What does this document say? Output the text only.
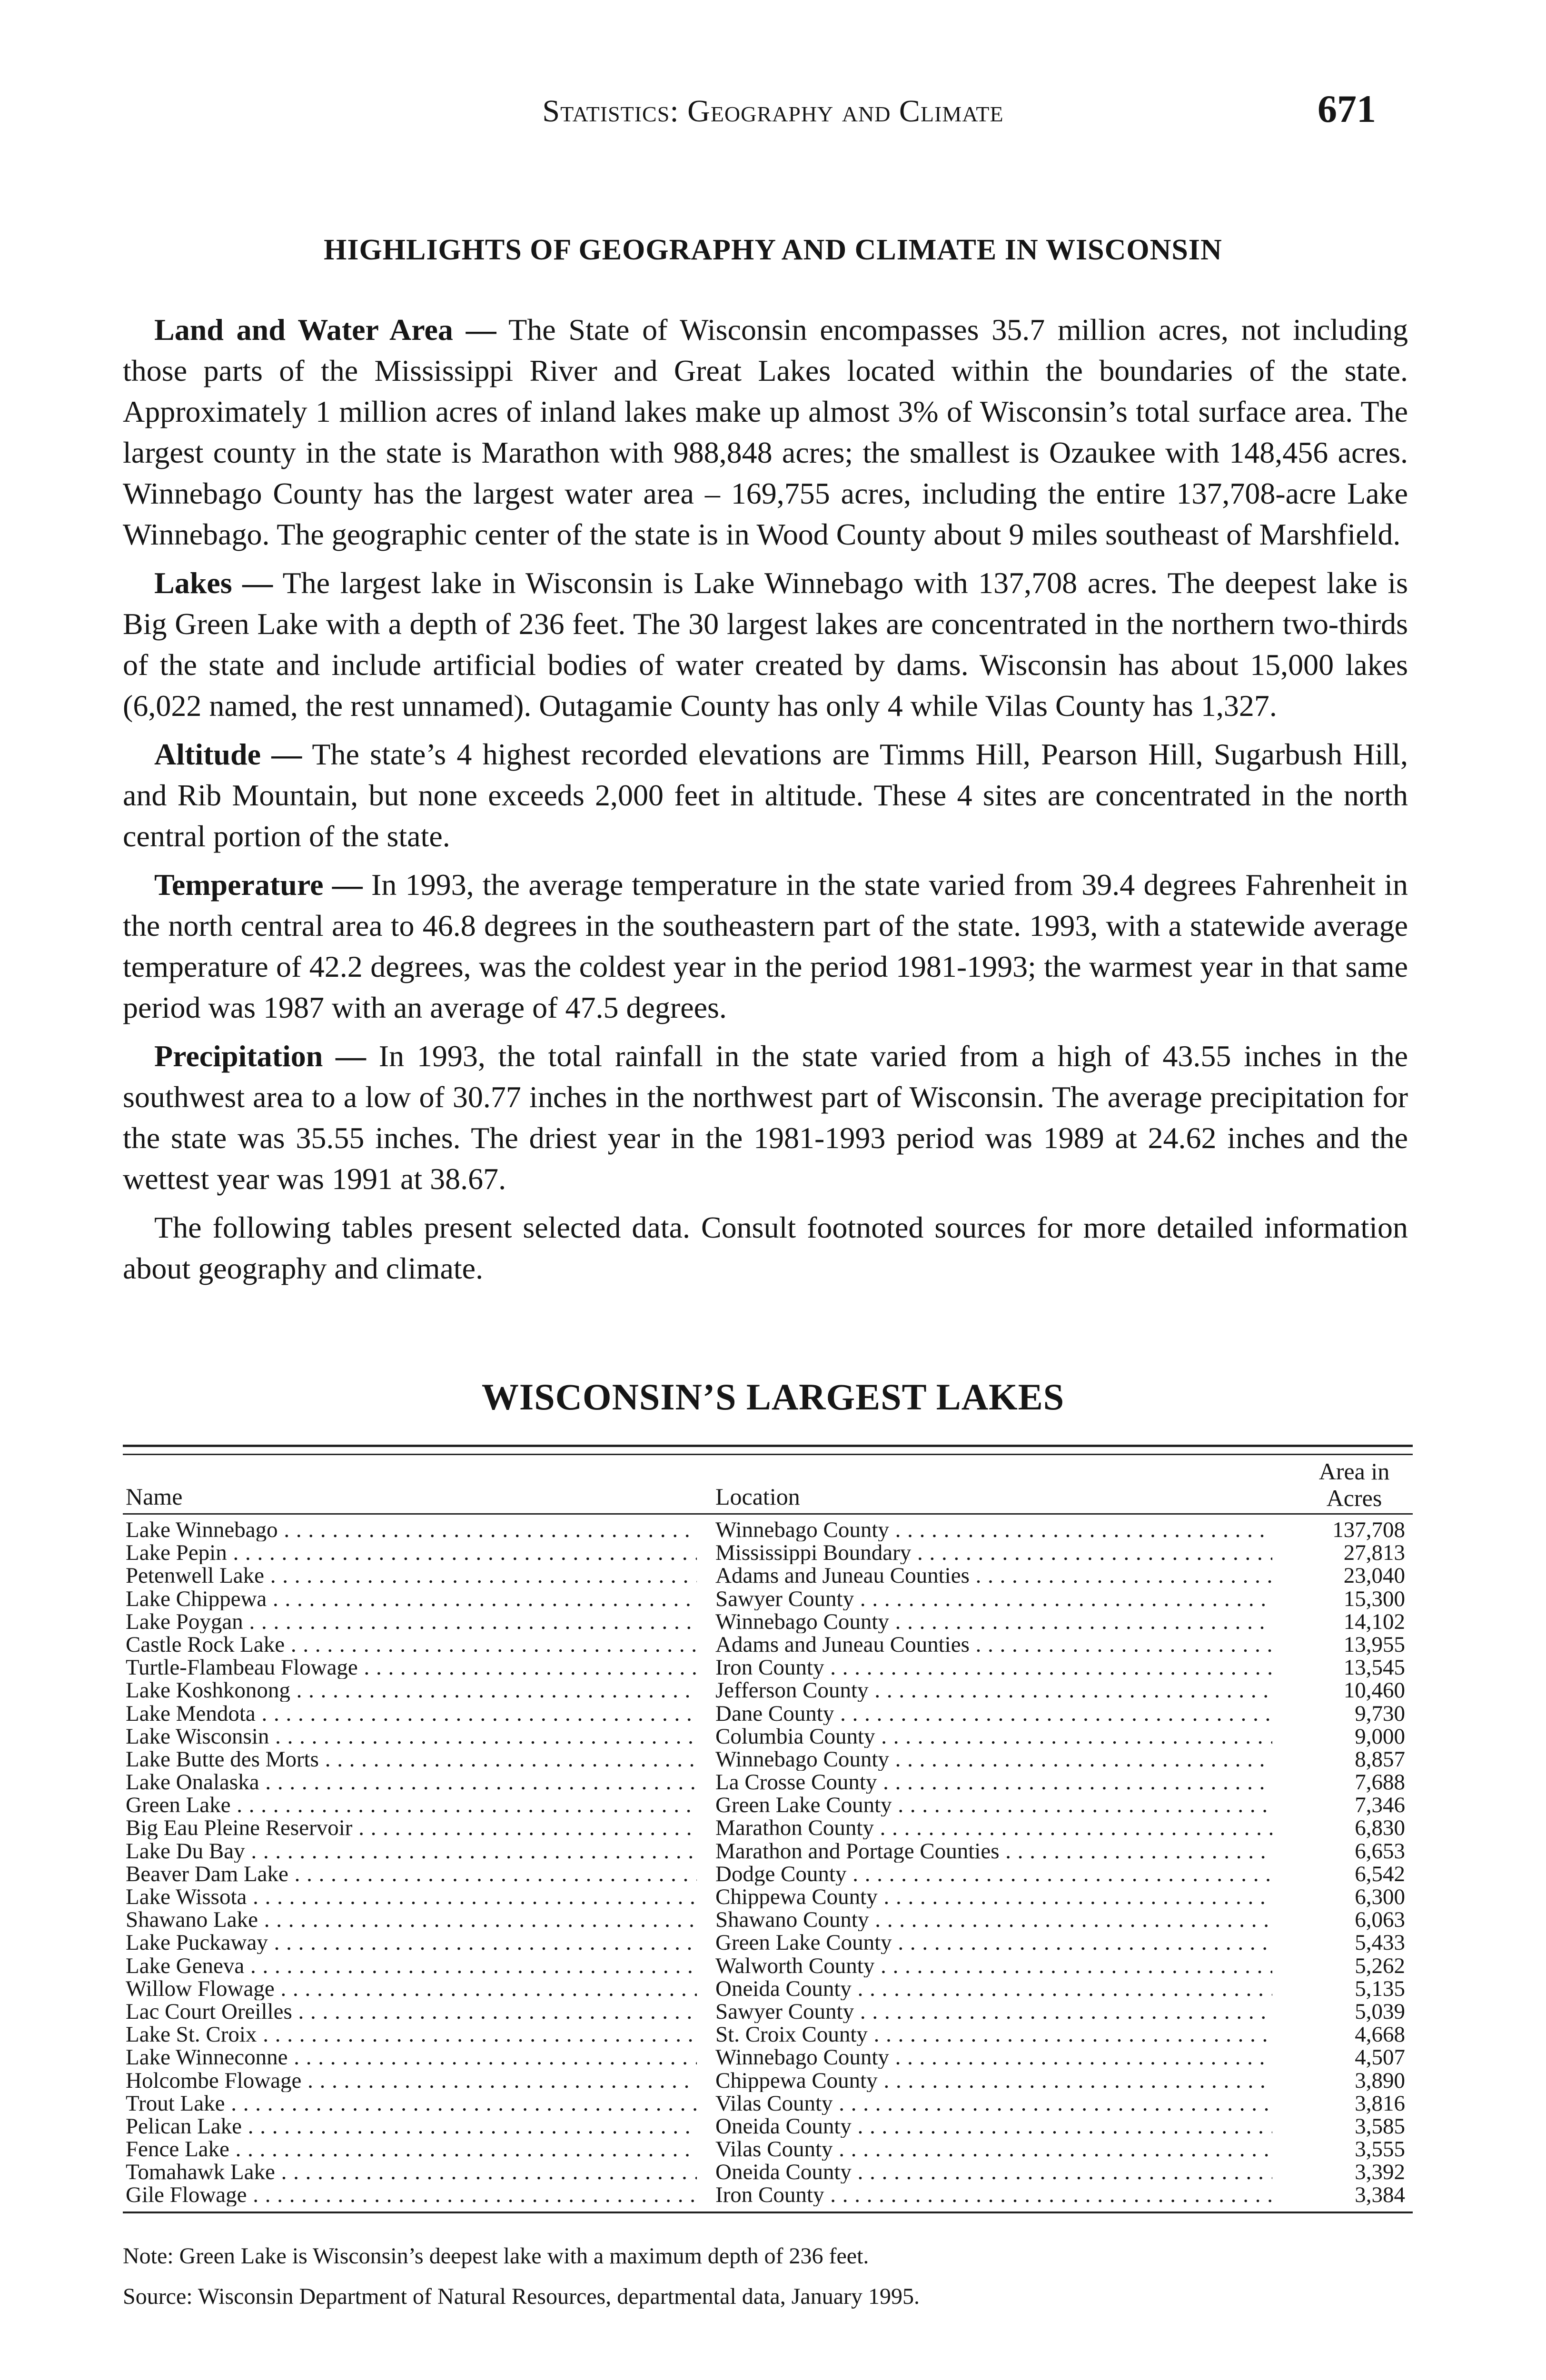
Statistics: Geography and Climate	671
HIGHLIGHTS OF GEOGRAPHY AND CLIMATE IN WISCONSIN

Land and Water Area — The State of Wisconsin encompasses 35.7 million acres, not including those parts of the Mississippi River and Great Lakes located within the boundaries of the state. Approximately 1 million acres of inland lakes make up almost 3% of Wisconsin’s total surface area. The largest county in the state is Marathon with 988,848 acres; the smallest is Ozaukee with 148,456 acres. Winnebago County has the largest water area – 169,755 acres, including the entire 137,708-acre Lake Winnebago. The geographic center of the state is in Wood County about 9 miles southeast of Marshfield.

Lakes — The largest lake in Wisconsin is Lake Winnebago with 137,708 acres. The deepest lake is Big Green Lake with a depth of 236 feet. The 30 largest lakes are concentrated in the northern two-thirds of the state and include artificial bodies of water created by dams. Wisconsin has about 15,000 lakes (6,022 named, the rest unnamed). Outagamie County has only 4 while Vilas County has 1,327.

Altitude — The state’s 4 highest recorded elevations are Timms Hill, Pearson Hill, Sugarbush Hill, and Rib Mountain, but none exceeds 2,000 feet in altitude. These 4 sites are concentrated in the north central portion of the state.

Temperature — In 1993, the average temperature in the state varied from 39.4 degrees Fahrenheit in the north central area to 46.8 degrees in the southeastern part of the state. 1993, with a statewide average temperature of 42.2 degrees, was the coldest year in the period 1981-1993; the warmest year in that same period was 1987 with an average of 47.5 degrees.

Precipitation — In 1993, the total rainfall in the state varied from a high of 43.55 inches in the southwest area to a low of 30.77 inches in the northwest part of Wisconsin. The average precipitation for the state was 35.55 inches. The driest year in the 1981-1993 period was 1989 at 24.62 inches and the wettest year was 1991 at 38.67.

The following tables present selected data. Consult footnoted sources for more detailed information about geography and climate.

WISCONSIN’S LARGEST LAKES
Name	Location
Area in
Acres
Lake Winnebago . . .	Winnebago County . . .	137,708
Lake Pepin . . .	Mississippi Boundary . . .	27,813
Petenwell Lake . . .	Adams and Juneau Counties . . .	23,040
Lake Chippewa . . .	Sawyer County . . .	15,300
Lake Poygan . . .	Winnebago County . . .	14,102
Castle Rock Lake . . .	Adams and Juneau Counties . . .	13,955
Turtle-Flambeau Flowage . . .	Iron County . . .	13,545
Lake Koshkonong . . .	Jefferson County . . .	10,460
Lake Mendota . . .	Dane County . . .	9,730
Lake Wisconsin . . .	Columbia County . . .	9,000
Lake Butte des Morts . . .	Winnebago County . . .	8,857
Lake Onalaska . . .	La Crosse County . . .	7,688
Green Lake . . .	Green Lake County . . .	7,346
Big Eau Pleine Reservoir . . .	Marathon County . . .	6,830
Lake Du Bay . . .	Marathon and Portage Counties . . .	6,653
Beaver Dam Lake . . .	Dodge County . . .	6,542
Lake Wissota . . .	Chippewa County . . .	6,300
Shawano Lake . . .	Shawano County . . .	6,063
Lake Puckaway . . .	Green Lake County . . .	5,433
Lake Geneva . . .	Walworth County . . .	5,262
Willow Flowage . . .	Oneida County . . .	5,135
Lac Court Oreilles . . .	Sawyer County . . .	5,039
Lake St. Croix . . .	St. Croix County . . .	4,668
Lake Winneconne . . .	Winnebago County . . .	4,507
Holcombe Flowage . . .	Chippewa County . . .	3,890
Trout Lake . . .	Vilas County . . .	3,816
Pelican Lake . . .	Oneida County . . .	3,585
Fence Lake . . .	Vilas County . . .	3,555
Tomahawk Lake . . .	Oneida County . . .	3,392
Gile Flowage . . .	Iron County . . .	3,384
Note: Green Lake is Wisconsin’s deepest lake with a maximum depth of 236 feet.
Source: Wisconsin Department of Natural Resources, departmental data, January 1995.
